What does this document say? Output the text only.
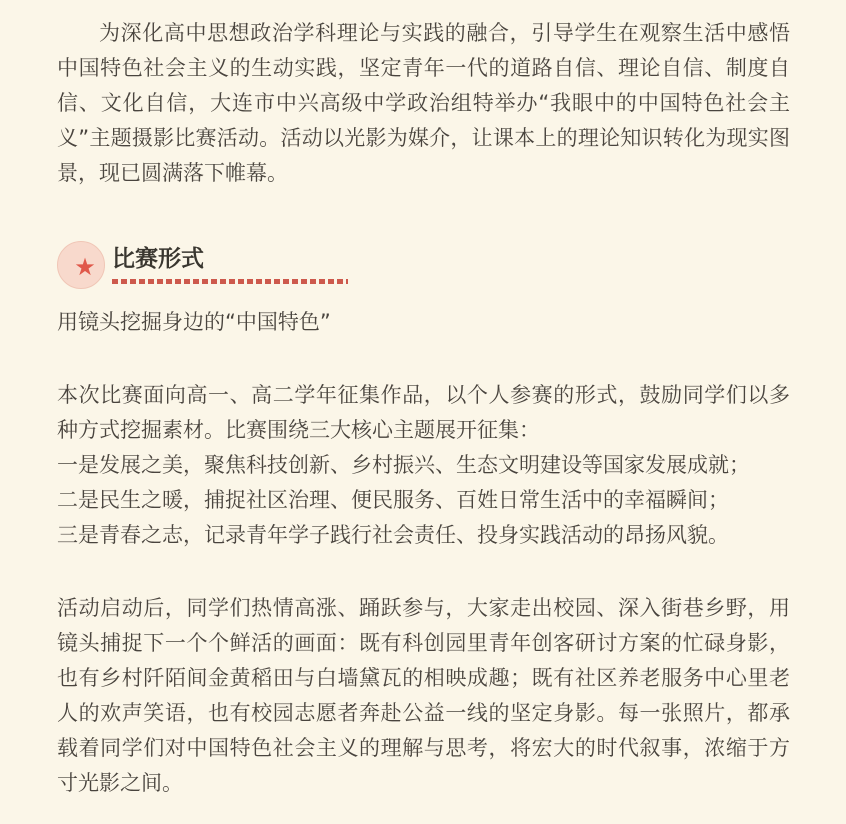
为深化高中思想政治学科理论与实践的融合，引导学生在观察生活中感悟中国特色社会主义的生动实践，坚定青年一代的道路自信、理论自信、制度自信、文化自信，大连市中兴高级中学政治组特举办“我眼中的中国特色社会主义”主题摄影比赛活动。活动以光影为媒介，让课本上的理论知识转化为现实图景，现已圆满落下帷幕。

★ 比赛形式

用镜头挖掘身边的“中国特色”

本次比赛面向高一、高二学年征集作品，以个人参赛的形式，鼓励同学们以多种方式挖掘素材。比赛围绕三大核心主题展开征集：
一是发展之美，聚焦科技创新、乡村振兴、生态文明建设等国家发展成就；
二是民生之暖，捕捉社区治理、便民服务、百姓日常生活中的幸福瞬间；
三是青春之志，记录青年学子践行社会责任、投身实践活动的昂扬风貌。

活动启动后，同学们热情高涨、踊跃参与，大家走出校园、深入街巷乡野，用镜头捕捉下一个个鲜活的画面：既有科创园里青年创客研讨方案的忙碌身影，也有乡村阡陌间金黄稻田与白墙黛瓦的相映成趣；既有社区养老服务中心里老人的欢声笑语，也有校园志愿者奔赴公益一线的坚定身影。每一张照片，都承载着同学们对中国特色社会主义的理解与思考，将宏大的时代叙事，浓缩于方寸光影之间。
